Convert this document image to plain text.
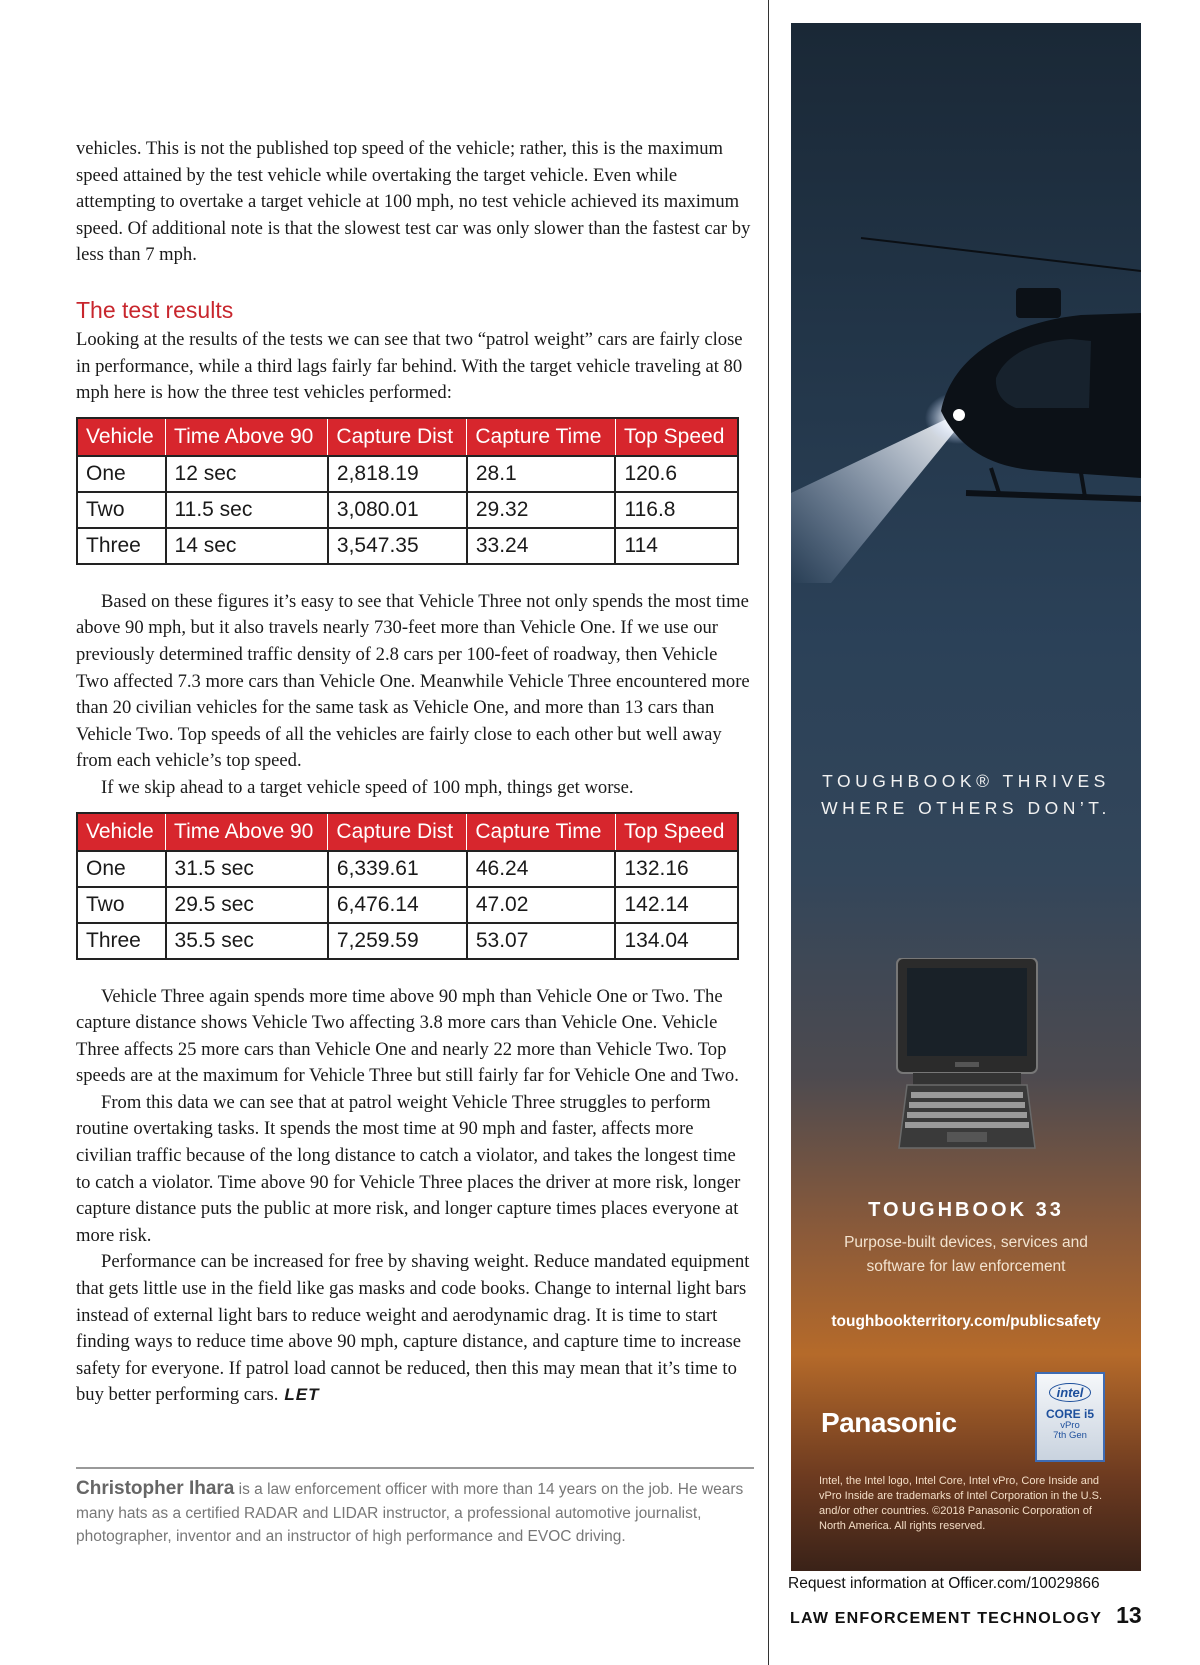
vehicles. This is not the published top speed of the vehicle; rather, this is the maximum speed attained by the test vehicle while overtaking the target vehicle. Even while attempting to overtake a target vehicle at 100 mph, no test vehicle achieved its maximum speed. Of additional note is that the slowest test car was only slower than the fastest car by less than 7 mph.

The test results

Looking at the results of the tests we can see that two “patrol weight” cars are fairly close in performance, while a third lags fairly far behind. With the target vehicle traveling at 80 mph here is how the three test vehicles performed:

Vehicle	Time Above 90	Capture Dist	Capture Time	Top Speed
One	12 sec	2,818.19	28.1	120.6
Two	11.5 sec	3,080.01	29.32	116.8
Three	14 sec	3,547.35	33.24	114

Based on these figures it’s easy to see that Vehicle Three not only spends the most time above 90 mph, but it also travels nearly 730-feet more than Vehicle One. If we use our previously determined traffic density of 2.8 cars per 100-feet of roadway, then Vehicle Two affected 7.3 more cars than Vehicle One. Meanwhile Vehicle Three encountered more than 20 civilian vehicles for the same task as Vehicle One, and more than 13 cars than Vehicle Two. Top speeds of all the vehicles are fairly close to each other but well away from each vehicle’s top speed.

If we skip ahead to a target vehicle speed of 100 mph, things get worse.

Vehicle	Time Above 90	Capture Dist	Capture Time	Top Speed
One	31.5 sec	6,339.61	46.24	132.16
Two	29.5 sec	6,476.14	47.02	142.14
Three	35.5 sec	7,259.59	53.07	134.04

Vehicle Three again spends more time above 90 mph than Vehicle One or Two. The capture distance shows Vehicle Two affecting 3.8 more cars than Vehicle One. Vehicle Three affects 25 more cars than Vehicle One and nearly 22 more than Vehicle Two. Top speeds are at the maximum for Vehicle Three but still fairly far for Vehicle One and Two.

From this data we can see that at patrol weight Vehicle Three struggles to perform routine overtaking tasks. It spends the most time at 90 mph and faster, affects more civilian traffic because of the long distance to catch a violator, and takes the longest time to catch a violator. Time above 90 for Vehicle Three places the driver at more risk, longer capture distance puts the public at more risk, and longer capture times places everyone at more risk.

Performance can be increased for free by shaving weight. Reduce mandated equipment that gets little use in the field like gas masks and code books. Change to internal light bars instead of external light bars to reduce weight and aerodynamic drag. It is time to start finding ways to reduce time above 90 mph, capture distance, and capture time to increase safety for everyone. If patrol load cannot be reduced, then this may mean that it’s time to buy better performing cars. LET

Christopher Ihara is a law enforcement officer with more than 14 years on the job. He wears many hats as a certified RADAR and LIDAR instructor, a professional automotive journalist, photographer, inventor and an instructor of high performance and EVOC driving.

TOUGHBOOK® THRIVES
WHERE OTHERS DON’T.
TOUGHBOOK 33
Purpose-built devices, services and software for law enforcement
toughbookterritory.com/publicsafety
Panasonic
intel
CORE i5
vPro
7th Gen
Intel, the Intel logo, Intel Core, Intel vPro, Core Inside and vPro Inside are trademarks of Intel Corporation in the U.S. and/or other countries. ©2018 Panasonic Corporation of North America. All rights reserved.
Request information at Officer.com/10029866
LAW ENFORCEMENT TECHNOLOGY 13
